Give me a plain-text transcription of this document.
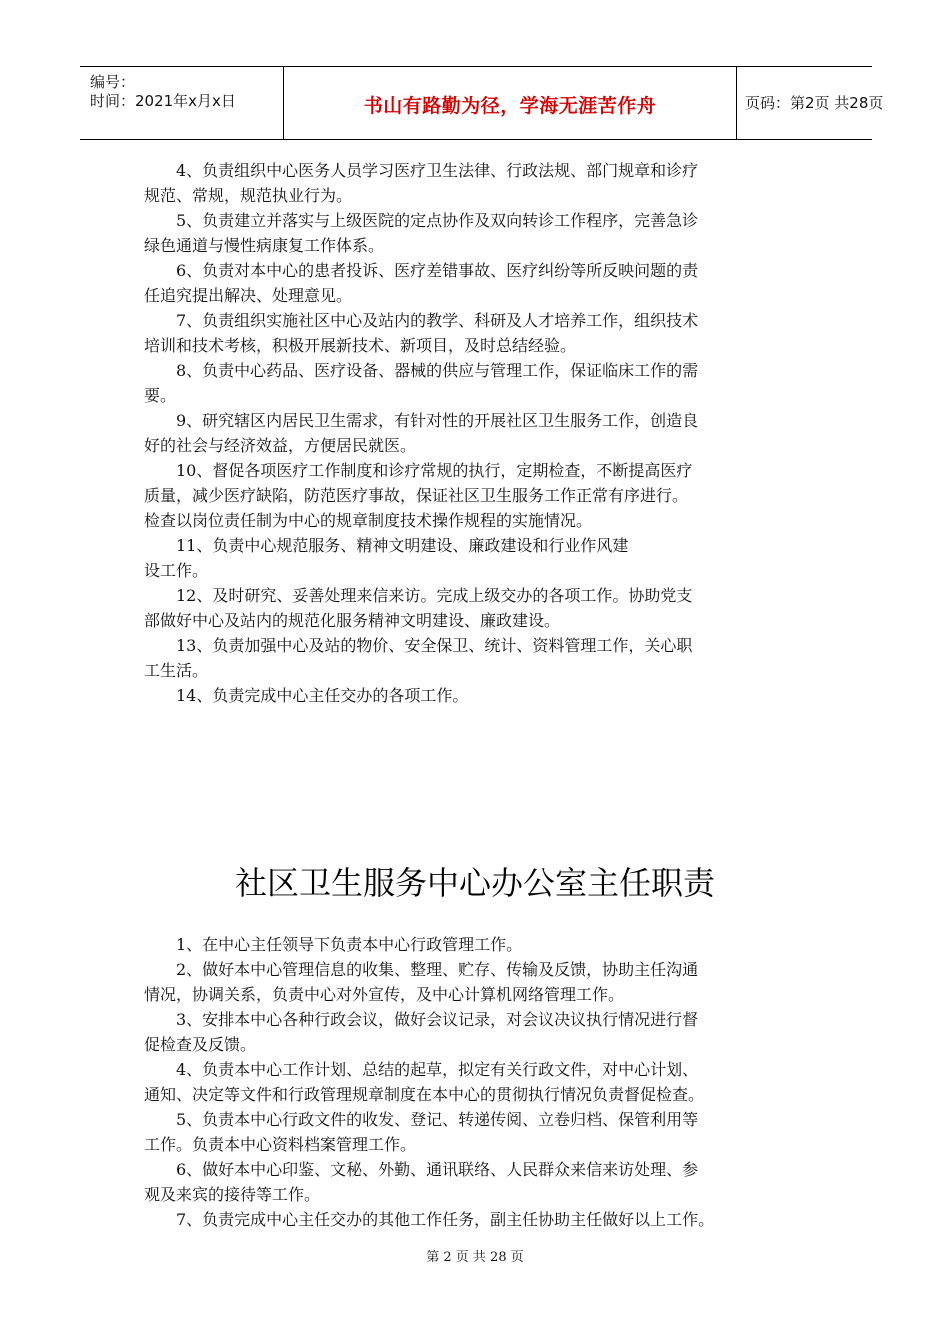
编号：
时间：2021年x月x日	书山有路勤为径，学海无涯苦作舟	页码：第2页 共28页
4、负责组织中心医务人员学习医疗卫生法律、行政法规、部门规章和诊疗
规范、常规，规范执业行为。
5、负责建立并落实与上级医院的定点协作及双向转诊工作程序，完善急诊
绿色通道与慢性病康复工作体系。
6、负责对本中心的患者投诉、医疗差错事故、医疗纠纷等所反映问题的责
任追究提出解决、处理意见。
7、负责组织实施社区中心及站内的教学、科研及人才培养工作，组织技术
培训和技术考核，积极开展新技术、新项目，及时总结经验。
8、负责中心药品、医疗设备、器械的供应与管理工作，保证临床工作的需
要。
9、研究辖区内居民卫生需求，有针对性的开展社区卫生服务工作，创造良
好的社会与经济效益，方便居民就医。
10、督促各项医疗工作制度和诊疗常规的执行，定期检查，不断提高医疗
质量，减少医疗缺陷，防范医疗事故，保证社区卫生服务工作正常有序进行。
检查以岗位责任制为中心的规章制度技术操作规程的实施情况。
11、负责中心规范服务、精神文明建设、廉政建设和行业作风建
设工作。
12、及时研究、妥善处理来信来访。完成上级交办的各项工作。协助党支
部做好中心及站内的规范化服务精神文明建设、廉政建设。
13、负责加强中心及站的物价、安全保卫、统计、资料管理工作，关心职
工生活。
14、负责完成中心主任交办的各项工作。
社区卫生服务中心办公室主任职责
1、在中心主任领导下负责本中心行政管理工作。
2、做好本中心管理信息的收集、整理、贮存、传输及反馈，协助主任沟通
情况，协调关系，负责中心对外宣传，及中心计算机网络管理工作。
3、安排本中心各种行政会议，做好会议记录，对会议决议执行情况进行督
促检查及反馈。
4、负责本中心工作计划、总结的起草，拟定有关行政文件，对中心计划、
通知、决定等文件和行政管理规章制度在本中心的贯彻执行情况负责督促检查。
5、负责本中心行政文件的收发、登记、转递传阅、立卷归档、保管利用等
工作。负责本中心资料档案管理工作。
6、做好本中心印鉴、文秘、外勤、通讯联络、人民群众来信来访处理、参
观及来宾的接待等工作。
7、负责完成中心主任交办的其他工作任务，副主任协助主任做好以上工作。
第 2 页 共 28 页
